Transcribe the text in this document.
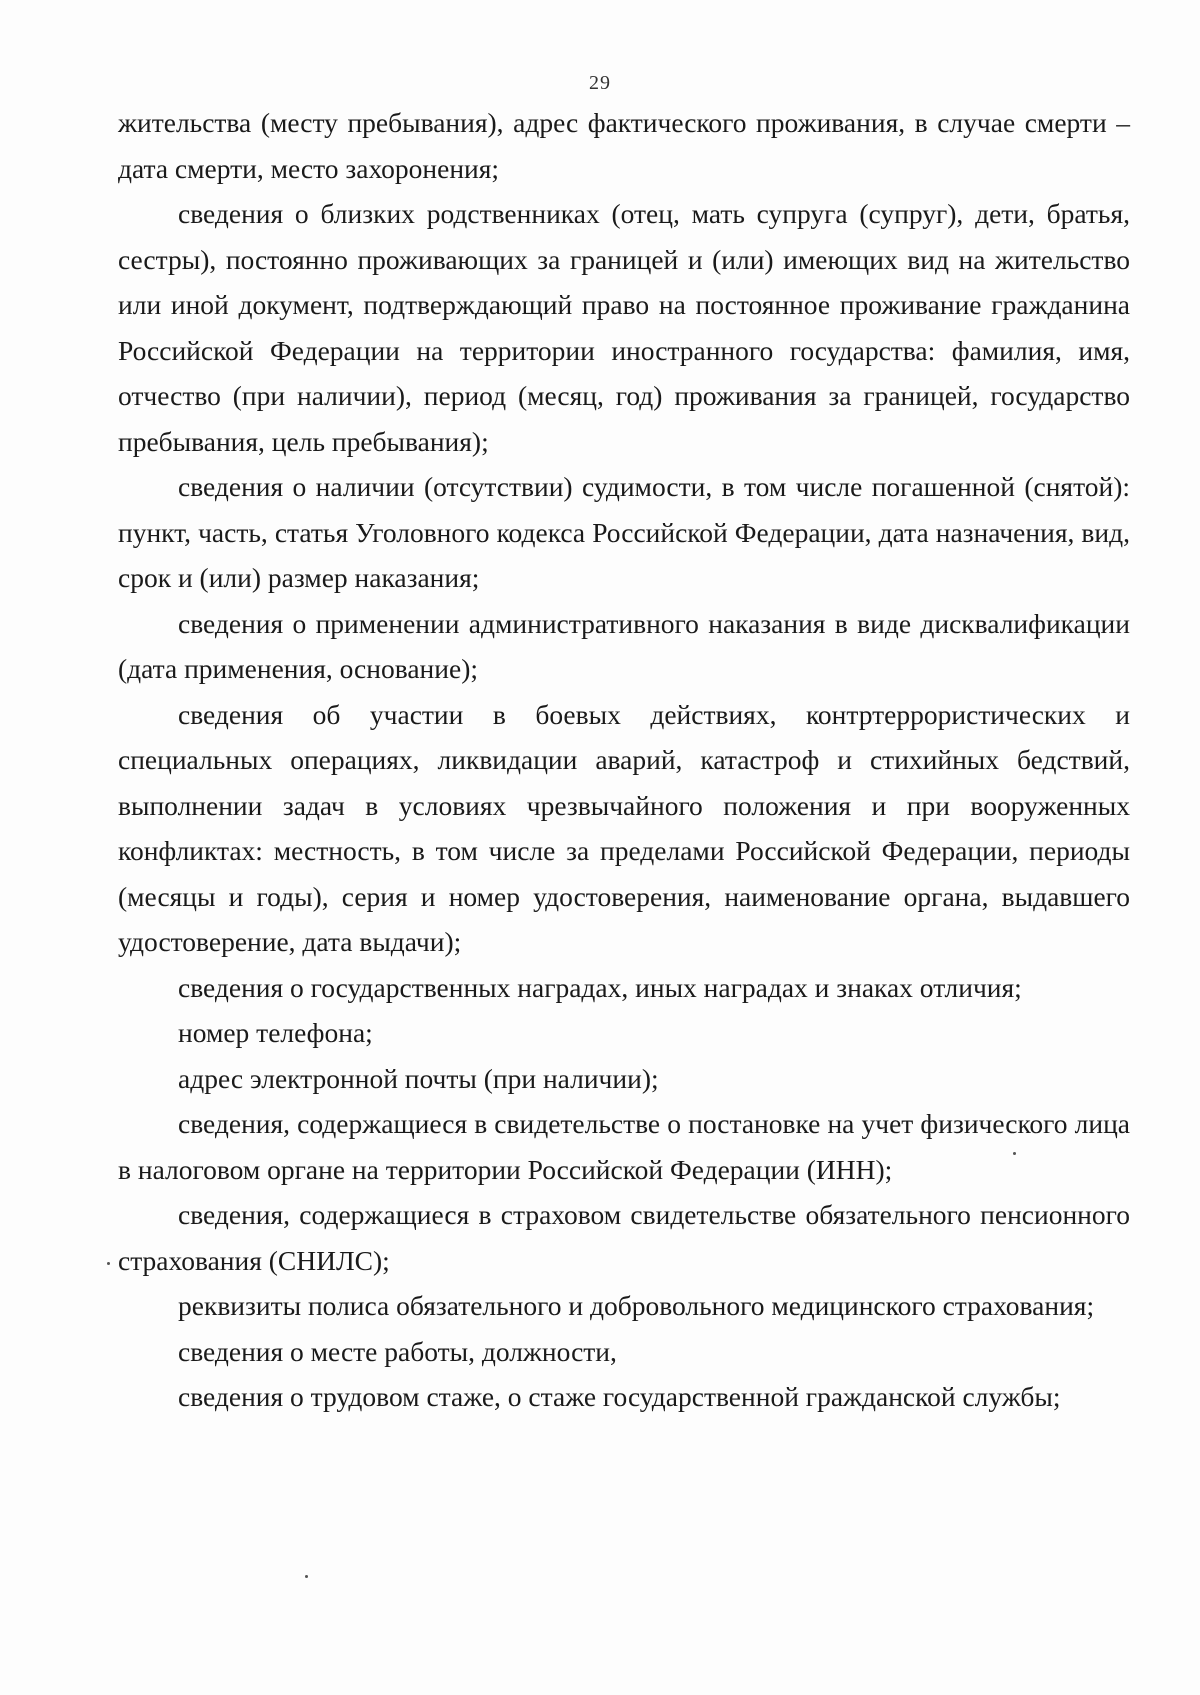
29

жительства (месту пребывания), адрес фактического проживания, в случае смерти – дата смерти, место захоронения;

сведения о близких родственниках (отец, мать супруга (супруг), дети, братья, сестры), постоянно проживающих за границей и (или) имеющих вид на жительство или иной документ, подтверждающий право на постоянное проживание гражданина Российской Федерации на территории иностранного государства: фамилия, имя, отчество (при наличии), период (месяц, год) проживания за границей, государство пребывания, цель пребывания);

сведения о наличии (отсутствии) судимости, в том числе погашенной (снятой): пункт, часть, статья Уголовного кодекса Российской Федерации, дата назначения, вид, срок и (или) размер наказания;

сведения о применении административного наказания в виде дисквалификации (дата применения, основание);

сведения об участии в боевых действиях, контртеррористических и специальных операциях, ликвидации аварий, катастроф и стихийных бедствий, выполнении задач в условиях чрезвычайного положения и при вооруженных конфликтах: местность, в том числе за пределами Российской Федерации, периоды (месяцы и годы), серия и номер удостоверения, наименование органа, выдавшего удостоверение, дата выдачи);

сведения о государственных наградах, иных наградах и знаках отличия;

номер телефона;

адрес электронной почты (при наличии);

сведения, содержащиеся в свидетельстве о постановке на учет физического лица в налоговом органе на территории Российской Федерации (ИНН);

сведения, содержащиеся в страховом свидетельстве обязательного пенсионного страхования (СНИЛС);

реквизиты полиса обязательного и добровольного медицинского страхования;

сведения о месте работы, должности,

сведения о трудовом стаже, о стаже государственной гражданской службы;
